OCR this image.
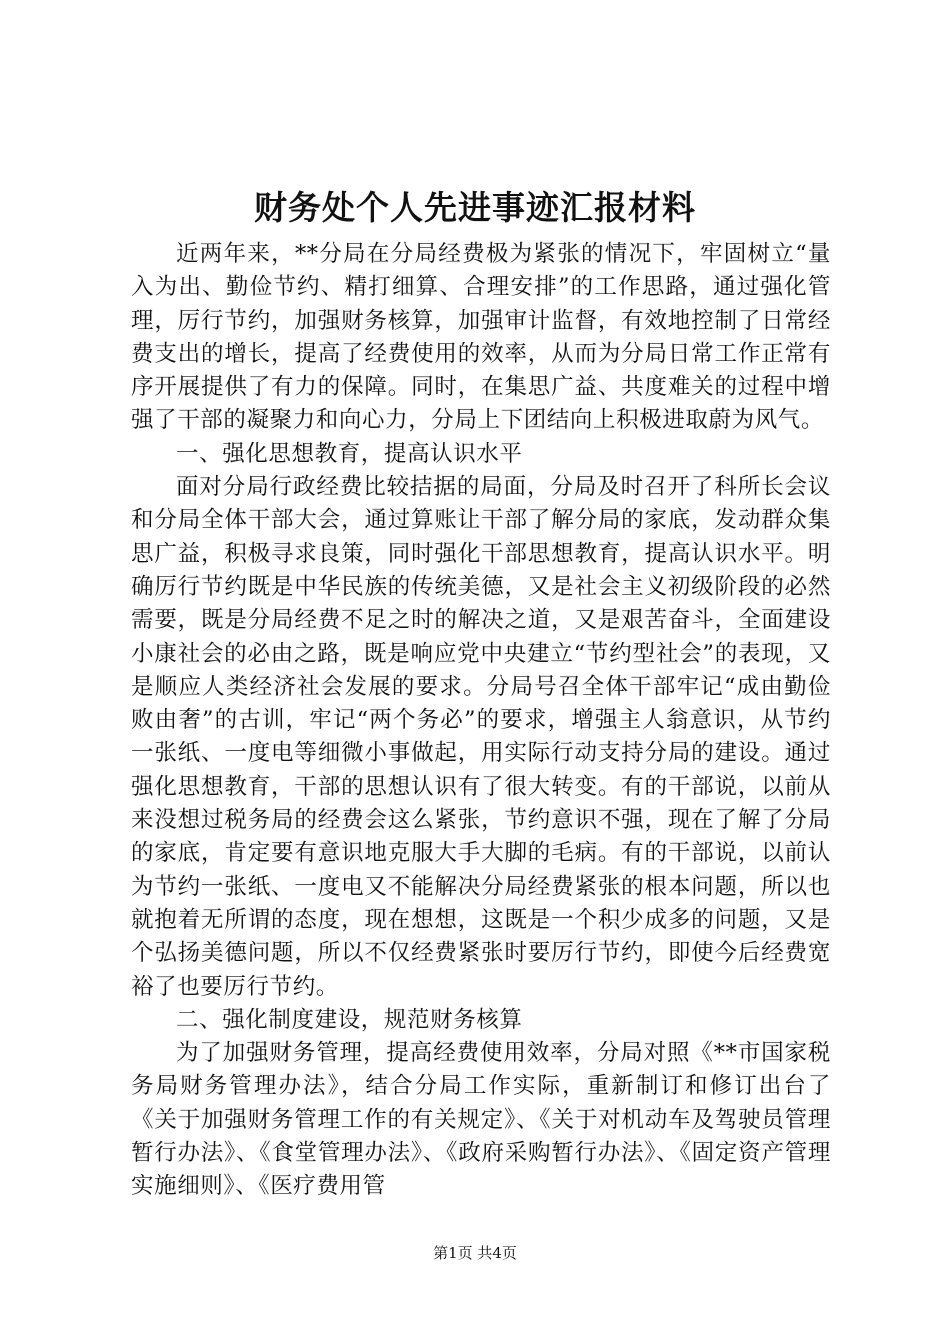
财务处个人先进事迹汇报材料

近两年来，**分局在分局经费极为紧张的情况下，牢固树立“量入为出、勤俭节约、精打细算、合理安排”的工作思路，通过强化管理，厉行节约，加强财务核算，加强审计监督，有效地控制了日常经费支出的增长，提高了经费使用的效率，从而为分局日常工作正常有序开展提供了有力的保障。同时，在集思广益、共度难关的过程中增强了干部的凝聚力和向心力，分局上下团结向上积极进取蔚为风气。

一、强化思想教育，提高认识水平

面对分局行政经费比较拮据的局面，分局及时召开了科所长会议和分局全体干部大会，通过算账让干部了解分局的家底，发动群众集思广益，积极寻求良策，同时强化干部思想教育，提高认识水平。明确厉行节约既是中华民族的传统美德，又是社会主义初级阶段的必然需要，既是分局经费不足之时的解决之道，又是艰苦奋斗，全面建设小康社会的必由之路，既是响应党中央建立“节约型社会”的表现，又是顺应人类经济社会发展的要求。分局号召全体干部牢记“成由勤俭败由奢”的古训，牢记“两个务必”的要求，增强主人翁意识，从节约一张纸、一度电等细微小事做起，用实际行动支持分局的建设。通过强化思想教育，干部的思想认识有了很大转变。有的干部说，以前从来没想过税务局的经费会这么紧张，节约意识不强，现在了解了分局的家底，肯定要有意识地克服大手大脚的毛病。有的干部说，以前认为节约一张纸、一度电又不能解决分局经费紧张的根本问题，所以也就抱着无所谓的态度，现在想想，这既是一个积少成多的问题，又是个弘扬美德问题，所以不仅经费紧张时要厉行节约，即使今后经费宽裕了也要厉行节约。

二、强化制度建设，规范财务核算

为了加强财务管理，提高经费使用效率，分局对照《**市国家税务局财务管理办法》，结合分局工作实际，重新制订和修订出台了《关于加强财务管理工作的有关规定》、《关于对机动车及驾驶员管理暂行办法》、《食堂管理办法》、《政府采购暂行办法》、《固定资产管理实施细则》、《医疗费用管

第1页 共4页
